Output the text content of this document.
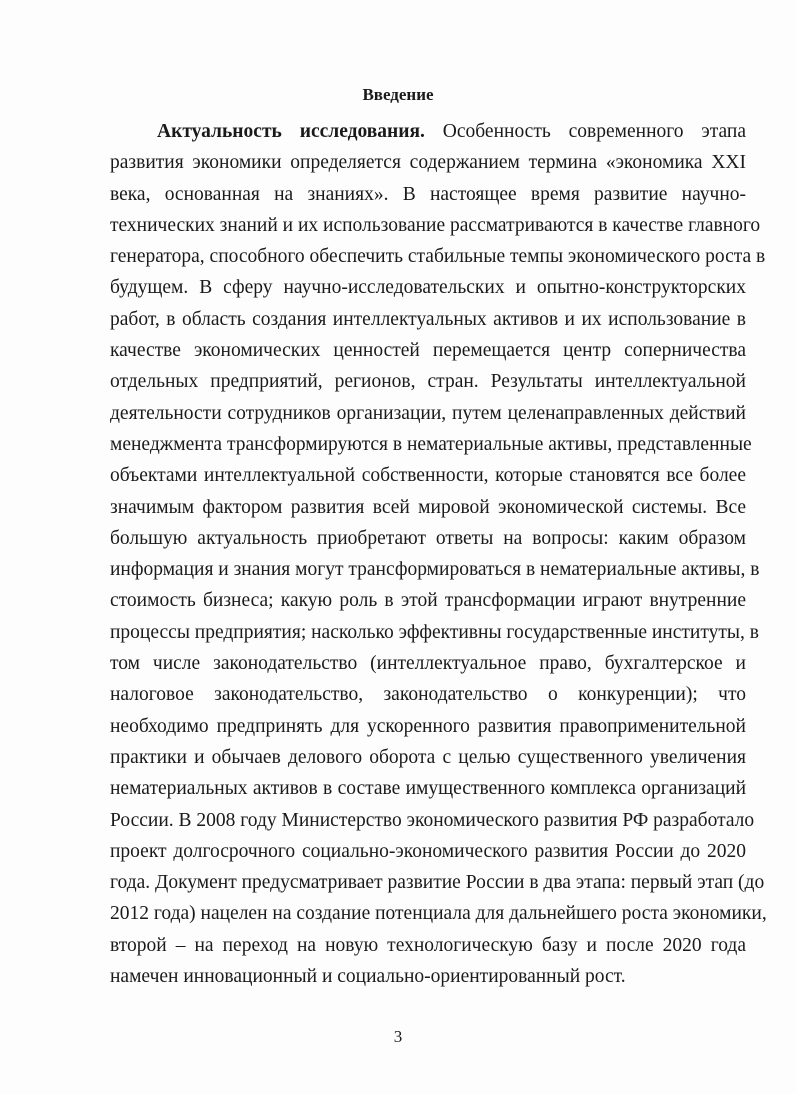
Введение
Актуальность исследования. Особенность современного этапа
развития экономики определяется содержанием термина «экономика XXI
века, основанная на знаниях». В настоящее время развитие научно-
технических знаний и их использование рассматриваются в качестве главного
генератора, способного обеспечить стабильные темпы экономического роста в
будущем. В сферу научно-исследовательских и опытно-конструкторских
работ, в область создания интеллектуальных активов и их использование в
качестве экономических ценностей перемещается центр соперничества
отдельных предприятий, регионов, стран. Результаты интеллектуальной
деятельности сотрудников организации, путем целенаправленных действий
менеджмента трансформируются в нематериальные активы, представленные
объектами интеллектуальной собственности, которые становятся все более
значимым фактором развития всей мировой экономической системы. Все
большую актуальность приобретают ответы на вопросы: каким образом
информация и знания могут трансформироваться в нематериальные активы, в
стоимость бизнеса; какую роль в этой трансформации играют внутренние
процессы предприятия; насколько эффективны государственные институты, в
том числе законодательство (интеллектуальное право, бухгалтерское и
налоговое законодательство, законодательство о конкуренции); что
необходимо предпринять для ускоренного развития правоприменительной
практики и обычаев делового оборота с целью существенного увеличения
нематериальных активов в составе имущественного комплекса организаций
России. В 2008 году Министерство экономического развития РФ разработало
проект долгосрочного социально-экономического развития России до 2020
года. Документ предусматривает развитие России в два этапа: первый этап (до
2012 года) нацелен на создание потенциала для дальнейшего роста экономики,
второй – на переход на новую технологическую базу и после 2020 года
намечен инновационный и социально-ориентированный рост.

3
